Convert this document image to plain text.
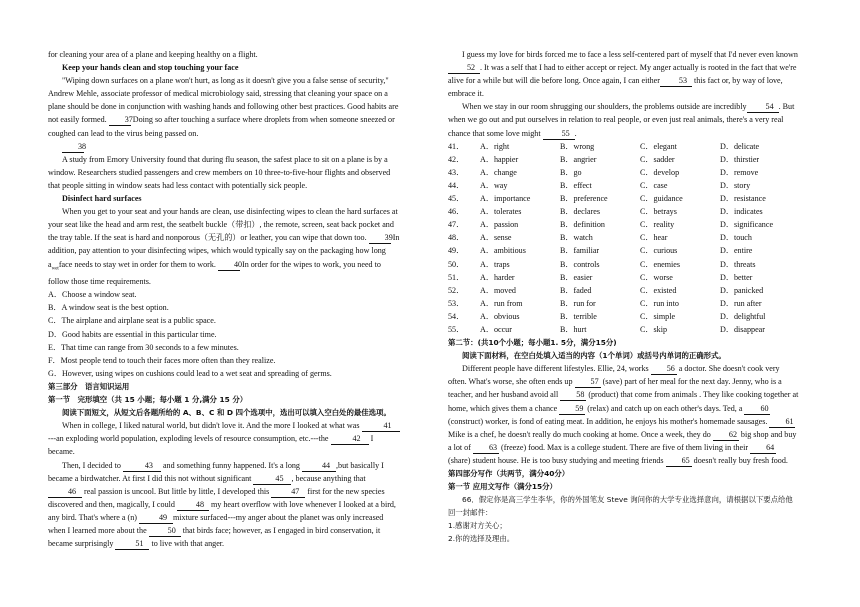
for cleaning your area of a plane and keeping healthy on a flight.

Keep your hands clean and stop touching your face

"Wiping down surfaces on a plane won't hurt, as long as it doesn't give you a false sense of security," Andrew Mehle, associate professor of medical microbiology said, stressing that cleaning your space on a plane should be done in conjunction with washing hands and following other best practices. Good habits are not easily formed. 37 Doing so after touching a surface where droplets from when someone sneezed or coughed can lead to the virus being passed on.

38

A study from Emory University found that during flu season, the safest place to sit on a plane is by a window. Researchers studied passengers and crew members on 10 three-to-five-hour flights and observed that people sitting in window seats had less contact with potentially sick people.

Disinfect hard surfaces

When you get to your seat and your hands are clean, use disinfecting wipes to clean the hard surfaces at your seat like the head and arm rest, the seatbelt buckle（带扣）, the remote, screen, seat back pocket and the tray table. If the seat is hard and nonporous（无孔的）or leather, you can wipe that down too. 39 In addition, pay attention to your disinfecting wipes, which would typically say on the packaging how long $a_{wet}face$ needs to stay wet in order for them to work. 40 In order for the wipes to work, you need to follow those time requirements.

A．Choose a window seat.

B．A window seat is the best option.

C．The airplane and airplane seat is a public space.

D．Good habits are essential in this particular time.

E．That time can range from 30 seconds to a few minutes.

F．Most people tend to touch their faces more often than they realize.

G．However, using wipes on cushions could lead to a wet seat and spreading of germs.

第三部分　语言知识运用

第一节　完形填空（共 15 小题；每小题 1 分,满分 15 分）

阅读下面短文，从短文后各题所给的 A、B、C 和 D 四个选项中，选出可以填入空白处的最佳选项。

When in college, I liked natural world, but didn't love it. And the more I looked at what was	41 ---an exploding world population, exploding levels of resource consumption, etc.---the	42 I became.

Then, I decided to	43 and something funny happened. It's a long	44 ,but basically I became a birdwatcher. At first I did this not without significant	45 , because anything that 46 real passion is uncool. But little by little, I developed this	47 first for the new species discovered and then, magically, I could	48 my heart overflow with love whenever I looked at a bird, any bird. That's where a (n)	49 mixture surfaced---my anger about the planet was only increased when I learned more about the	50 that birds face; however, as I engaged in bird conservation, it became surprisingly	51 to live with that anger.

I guess my love for birds forced me to face a less self-centered part of myself that I'd never even known52 . It was a self that I had to either accept or reject. My anger actually is rooted in the fact that we're alive for a while but will die before long. Once again, I can either 53 this fact or, by way of love, embrace it.

When we stay in our room shrugging our shoulders, the problems outside are incredibly 54 . But when we go out and put ourselves in relation to real people, or even just real animals, there's a very real chance that some love might	55 .

41．	A．right	B．wrong	C．elegant	D．delicate
42．	A．happier	B．angrier	C．sadder	D．thirstier
43．	A．change	B．go	C．develop	D．remove
44．	A．way	B．effect	C．case	D．story
45．	A．importance	B．preference	C．guidance	D．resistance
46．	A．tolerates	B．declares	C．betrays	D．indicates
47．	A．passion	B．definition	C．reality	D．significance
48．	A．sense	B．watch	C．hear	D．touch
49．	A．ambitious	B．familiar	C．curious	D．entire
50．	A．traps	B．controls	C．enemies	D．threats
51．	A．harder	B．easier	C．worse	D．better
52．	A．moved	B．faded	C．existed	D．panicked
53．	A．run from	B．run for	C．run into	D．run after
54．	A．obvious	B．terrible	C．simple	D．delightful
55．	A．occur	B．hurt	C．skip	D．disappear

第二节：(共10个小题；每小题1. 5分，满分15分)

阅读下面材料，在空白处填入适当的内容（1个单词）或括号内单词的正确形式。

Different people have different lifestyles. Ellie, 24, works 56 a doctor. She doesn't cook very often. What's worse, she often ends up 57 (save) part of her meal for the next day. Jenny, who is a teacher, and her husband avoid all 58 (product) that come from animals . They like cooking together at home, which gives them a chance 59 (relax) and catch up on each other's days. Ted, a 60 (construct) worker, is fond of eating meat. In addition, he enjoys his mother's homemade sausages. 61 Mike is a chef, he doesn't really do much cooking at home. Once a week, they do 62 big shop and buy a lot of 63 (freeze) food. Max is a college student. There are five of them living in their 64 (share) student house. He is too busy studying and meeting friends 65 doesn't really buy fresh food.

第四部分写作（共两节，满分40分）

第一节 应用文写作（满分15分）

66．假定你是高三学生李华，你的外国笔友 Steve 询问你的大学专业选择意向，请根据以下要点给他回一封邮件：

1.感谢对方关心；

2.你的选择及理由。
